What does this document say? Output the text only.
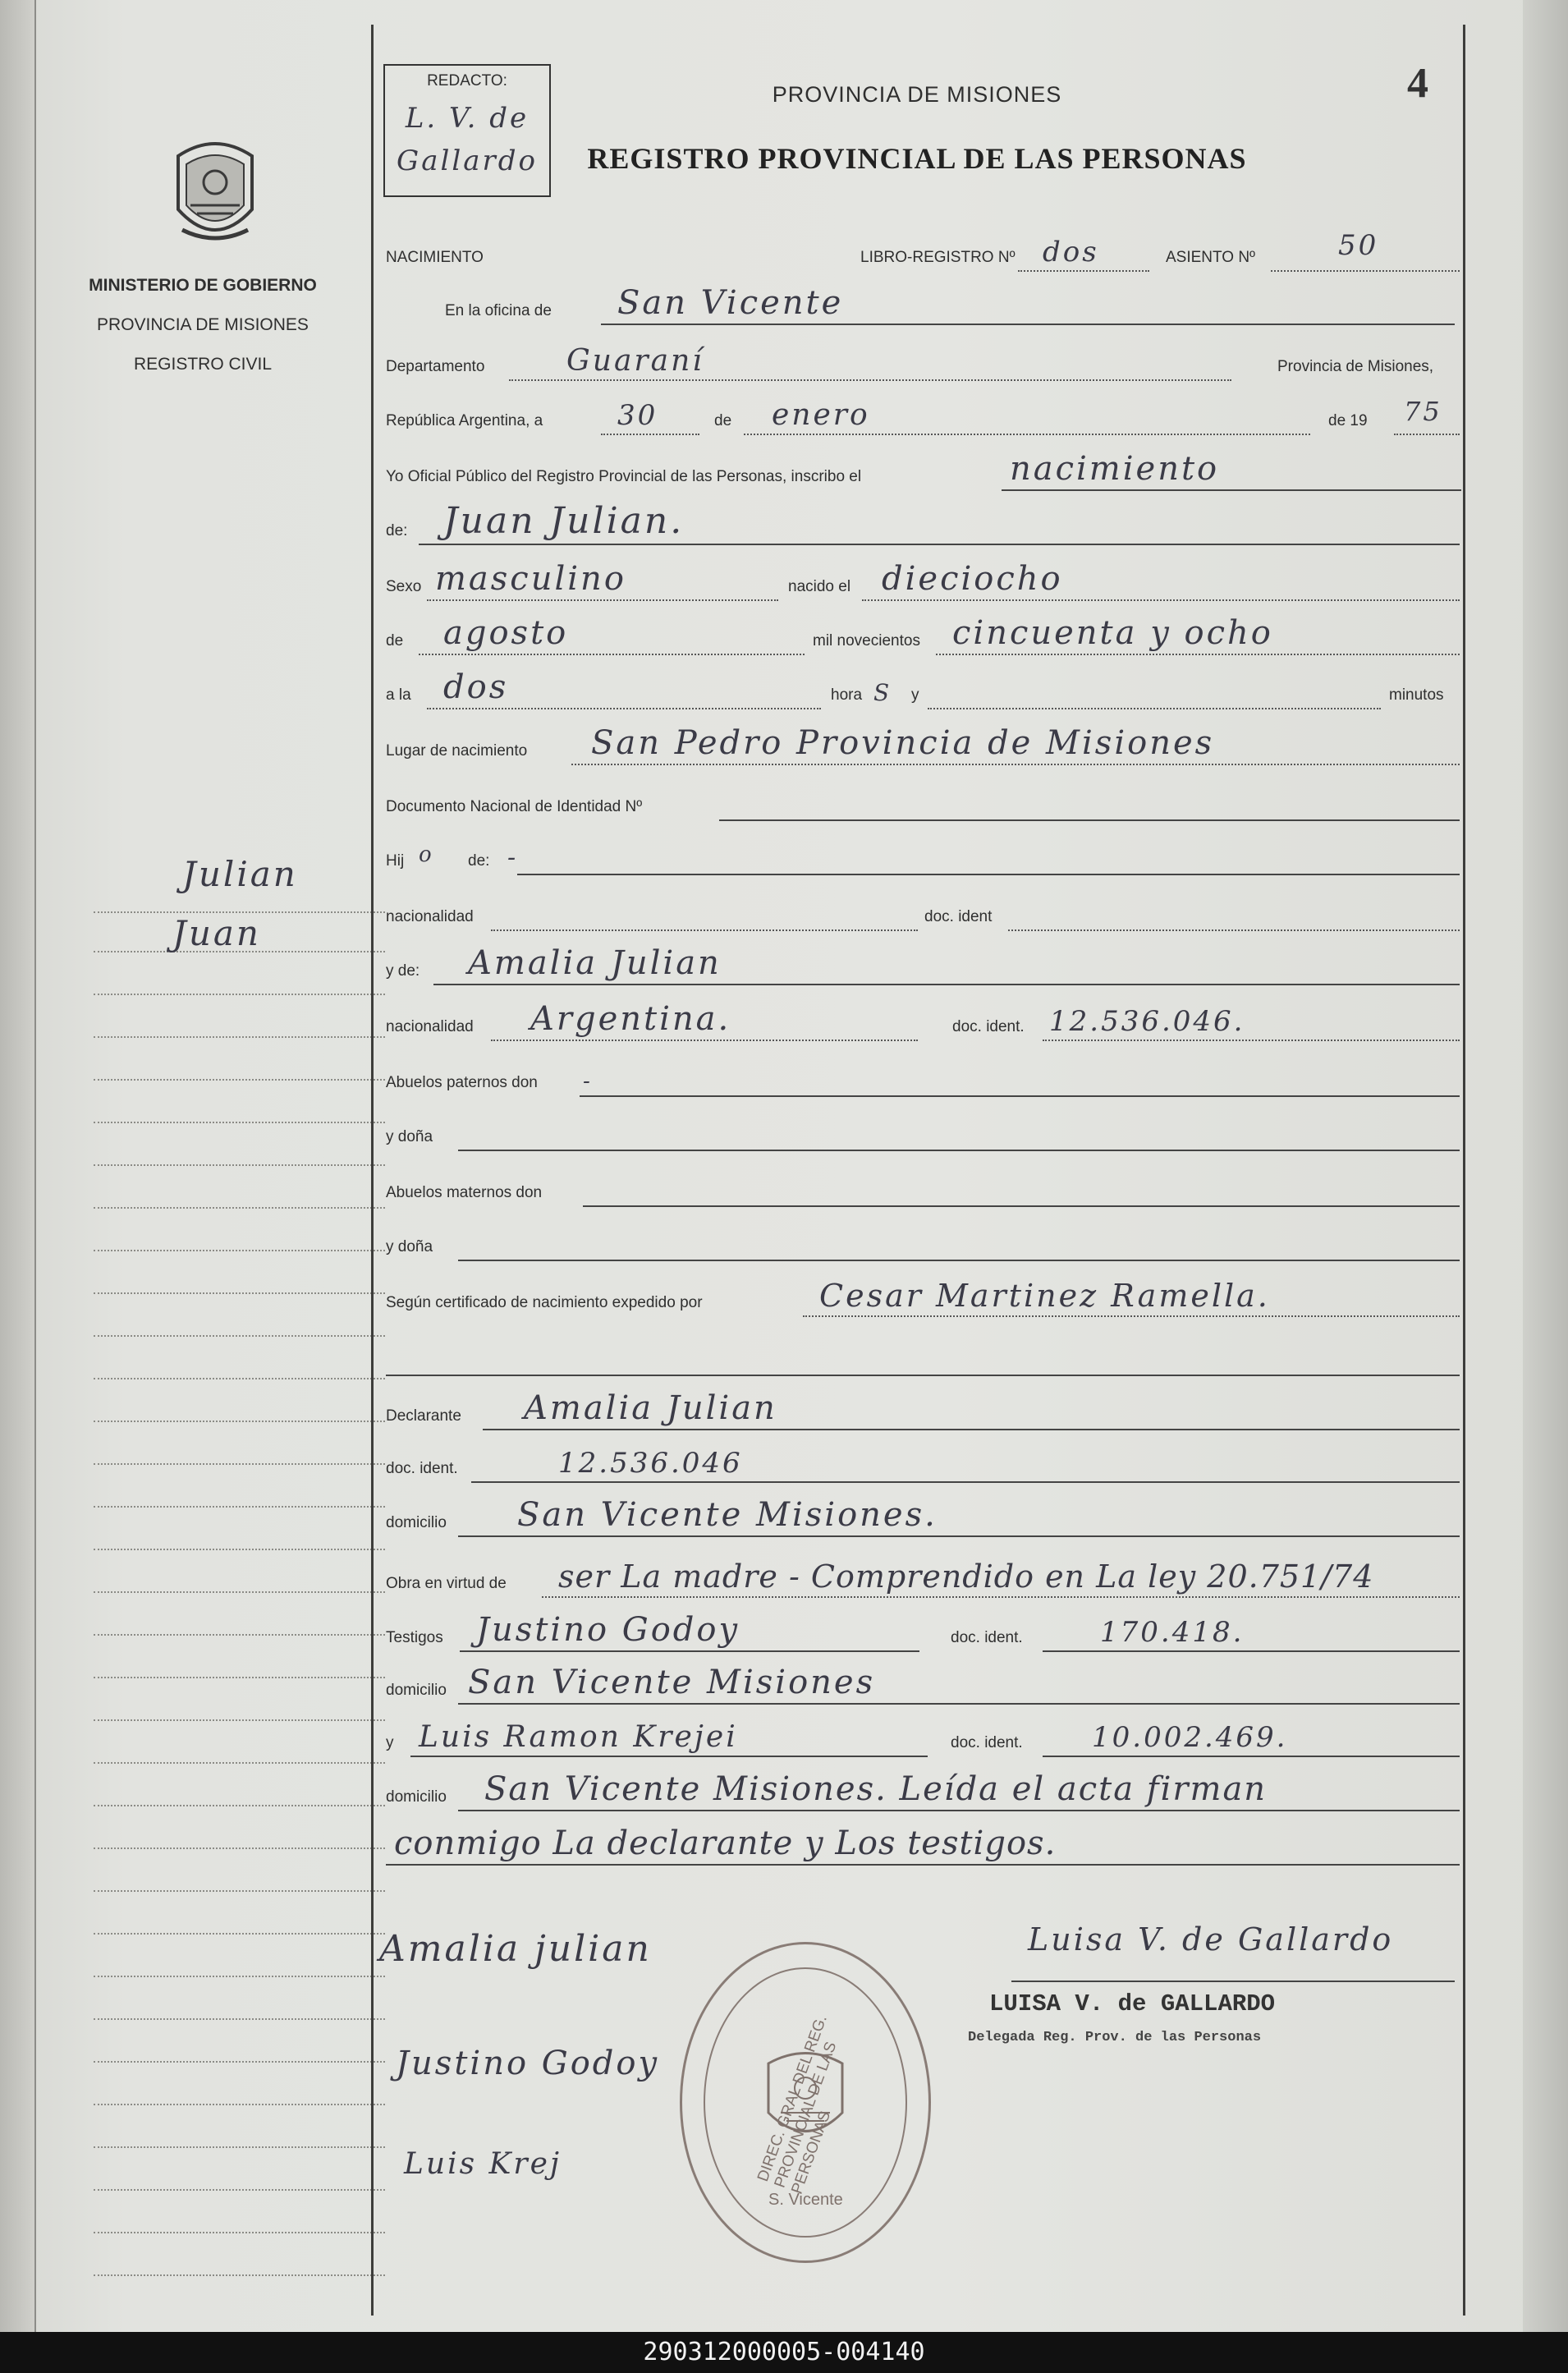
MINISTERIO DE GOBIERNO
PROVINCIA DE MISIONES
REGISTRO CIVIL
Julian
Juan
REDACTO:
L. V. de
Gallardo
PROVINCIA DE MISIONES
REGISTRO PROVINCIAL DE LAS PERSONAS
4
NACIMIENTO	LIBRO-REGISTRO Nº dos	ASIENTO Nº	50
En la oficina de San Vicente
Departamento	Guaraní	Provincia de Misiones,
República Argentina, a	30	de enero	de 19 75
Yo Oficial Público del Registro Provincial de las Personas, inscribo el	nacimiento
de: Juan Julian.
Sexo masculino	nacido el dieciocho
de agosto	mil novecientos cincuenta y ocho
a la dos	hora S y	minutos
Lugar de nacimiento San Pedro Provincia de Misiones
Documento Nacional de Identidad Nº
Hij o de: -
nacionalidad	doc. ident
y de: Amalia Julian
nacionalidad Argentina.	doc. ident. 12.536.046.
Abuelos paternos don -
y doña
Abuelos maternos don
y doña
Según certificado de nacimiento expedido por	Cesar Martinez Ramella.
Declarante Amalia Julian
doc. ident.	12.536.046
domicilio San Vicente Misiones.
Obra en virtud de ser La madre - Comprendido en La ley 20.751/74
Testigos Justino Godoy	doc. ident.	170.418.
domicilio San Vicente Misiones
y Luis Ramon Krejei	doc. ident. 10.002.469.
domicilio San Vicente Misiones. Leída el acta firman
conmigo La declarante y Los testigos.
Amalia julian
Justino Godoy
Luis Krej
Luisa V. de Gallardo
LUISA V. de GALLARDO
Delegada Reg. Prov. de las Personas
DIREC. GRAL DEL REG. PROVINCIAL DE LAS PERSONAS
S. Vicente
290312000005-004140
